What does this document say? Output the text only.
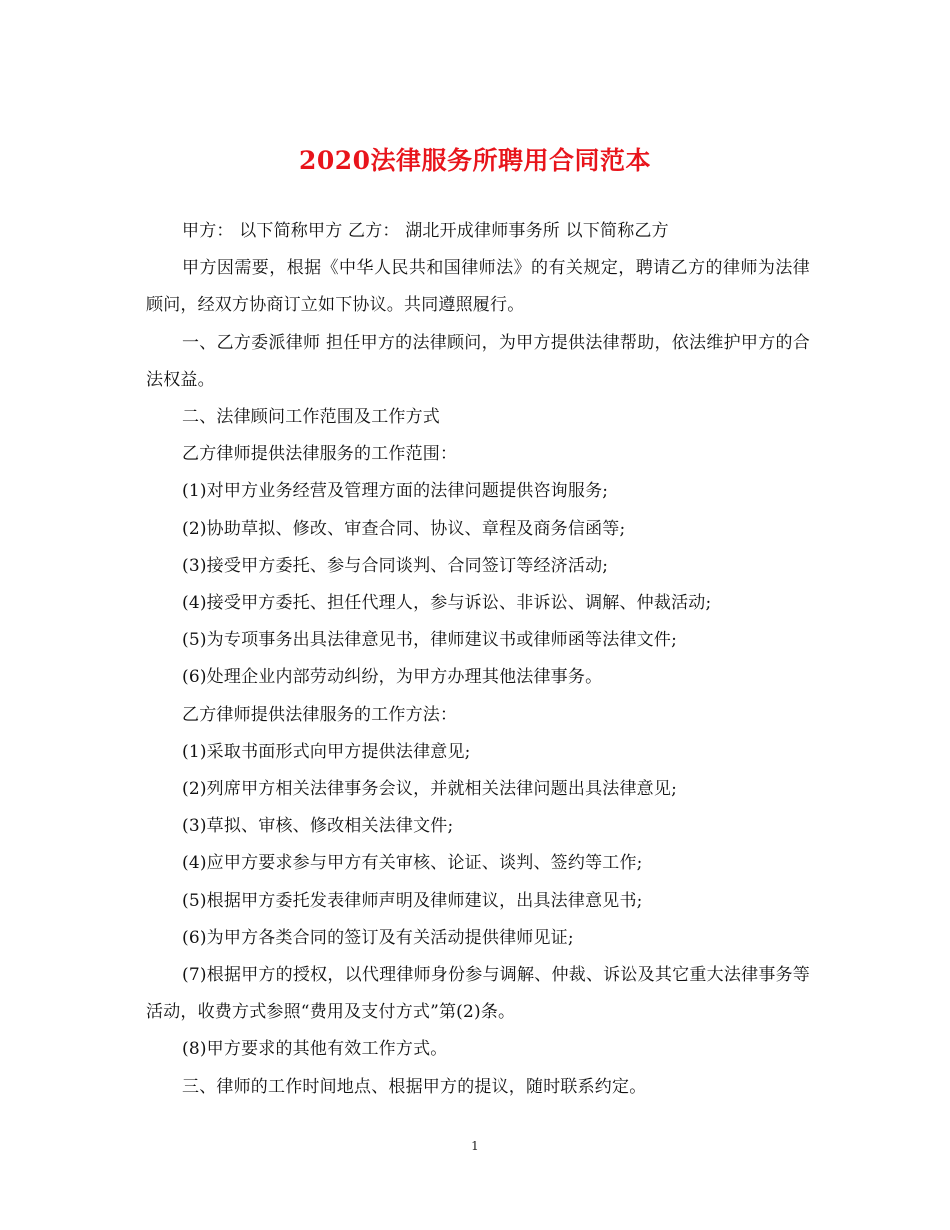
2020法律服务所聘用合同范本

甲方： 以下简称甲方 乙方： 湖北开成律师事务所 以下简称乙方

甲方因需要，根据《中华人民共和国律师法》的有关规定，聘请乙方的律师为法律顾问，经双方协商订立如下协议。共同遵照履行。

一、乙方委派律师 担任甲方的法律顾问，为甲方提供法律帮助，依法维护甲方的合法权益。

二、法律顾问工作范围及工作方式

乙方律师提供法律服务的工作范围：

(1)对甲方业务经营及管理方面的法律问题提供咨询服务;

(2)协助草拟、修改、审查合同、协议、章程及商务信函等;

(3)接受甲方委托、参与合同谈判、合同签订等经济活动;

(4)接受甲方委托、担任代理人，参与诉讼、非诉讼、调解、仲裁活动;

(5)为专项事务出具法律意见书，律师建议书或律师函等法律文件;

(6)处理企业内部劳动纠纷，为甲方办理其他法律事务。

乙方律师提供法律服务的工作方法：

(1)采取书面形式向甲方提供法律意见;

(2)列席甲方相关法律事务会议，并就相关法律问题出具法律意见;

(3)草拟、审核、修改相关法律文件;

(4)应甲方要求参与甲方有关审核、论证、谈判、签约等工作;

(5)根据甲方委托发表律师声明及律师建议，出具法律意见书;

(6)为甲方各类合同的签订及有关活动提供律师见证;

(7)根据甲方的授权，以代理律师身份参与调解、仲裁、诉讼及其它重大法律事务等活动，收费方式参照“费用及支付方式”第(2)条。

(8)甲方要求的其他有效工作方式。

三、律师的工作时间地点、根据甲方的提议，随时联系约定。

1
